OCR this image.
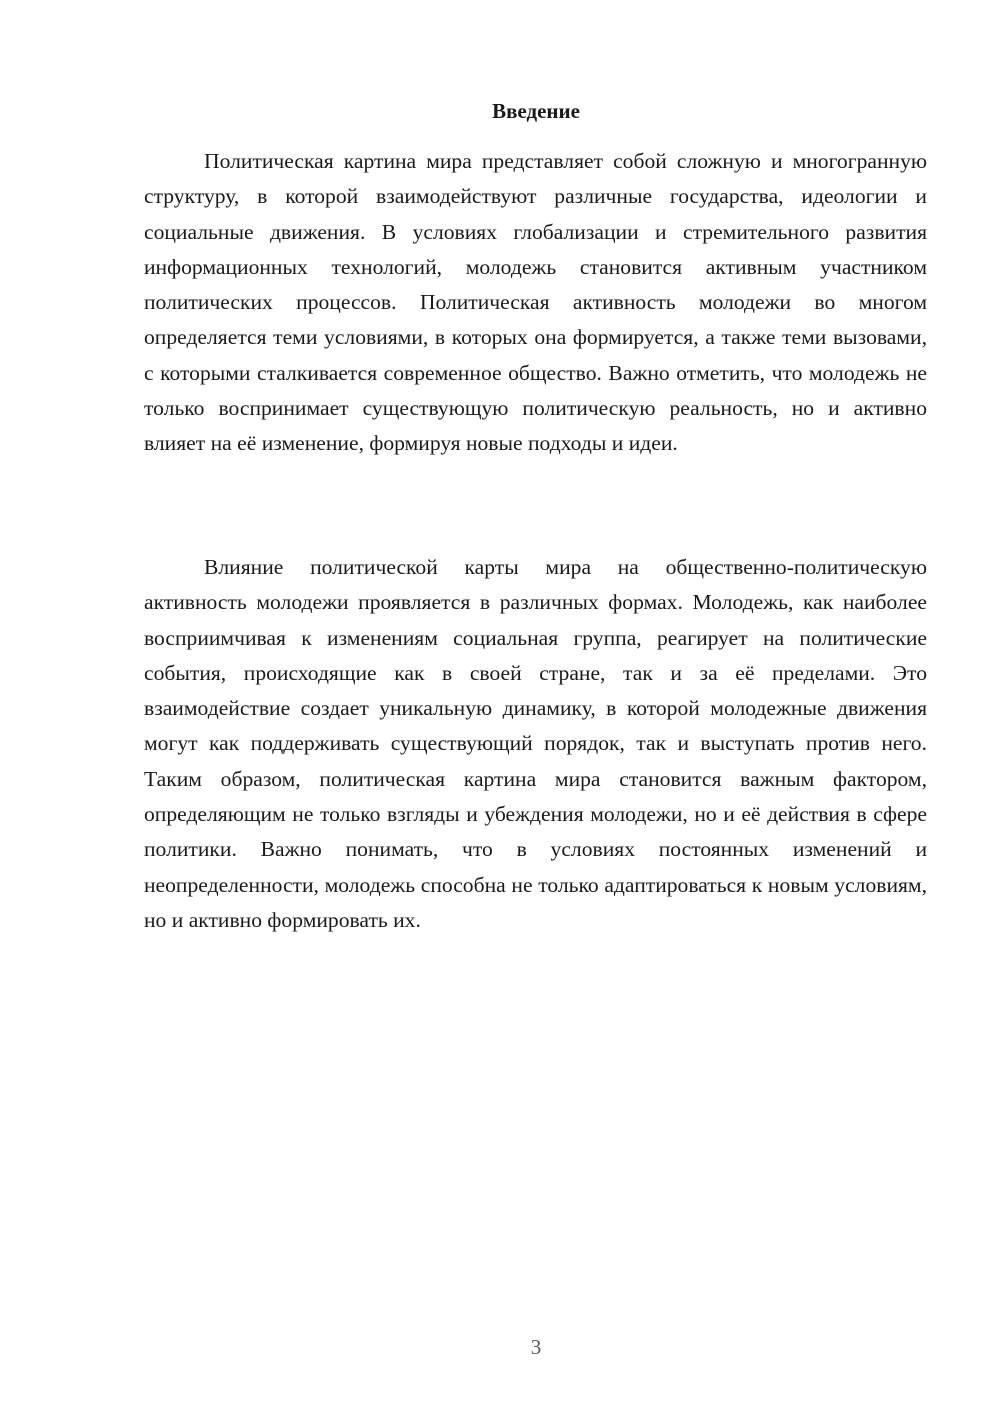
Введение

Политическая картина мира представляет собой сложную и многогранную структуру, в которой взаимодействуют различные государства, идеологии и социальные движения. В условиях глобализации и стремительного развития информационных технологий, молодежь становится активным участником политических процессов. Политическая активность молодежи во многом определяется теми условиями, в которых она формируется, а также теми вызовами, с которыми сталкивается современное общество. Важно отметить, что молодежь не только воспринимает существующую политическую реальность, но и активно влияет на её изменение, формируя новые подходы и идеи.

Влияние политической карты мира на общественно-политическую активность молодежи проявляется в различных формах. Молодежь, как наиболее восприимчивая к изменениям социальная группа, реагирует на политические события, происходящие как в своей стране, так и за её пределами. Это взаимодействие создает уникальную динамику, в которой молодежные движения могут как поддерживать существующий порядок, так и выступать против него. Таким образом, политическая картина мира становится важным фактором, определяющим не только взгляды и убеждения молодежи, но и её действия в сфере политики. Важно понимать, что в условиях постоянных изменений и неопределенности, молодежь способна не только адаптироваться к новым условиям, но и активно формировать их.

3
